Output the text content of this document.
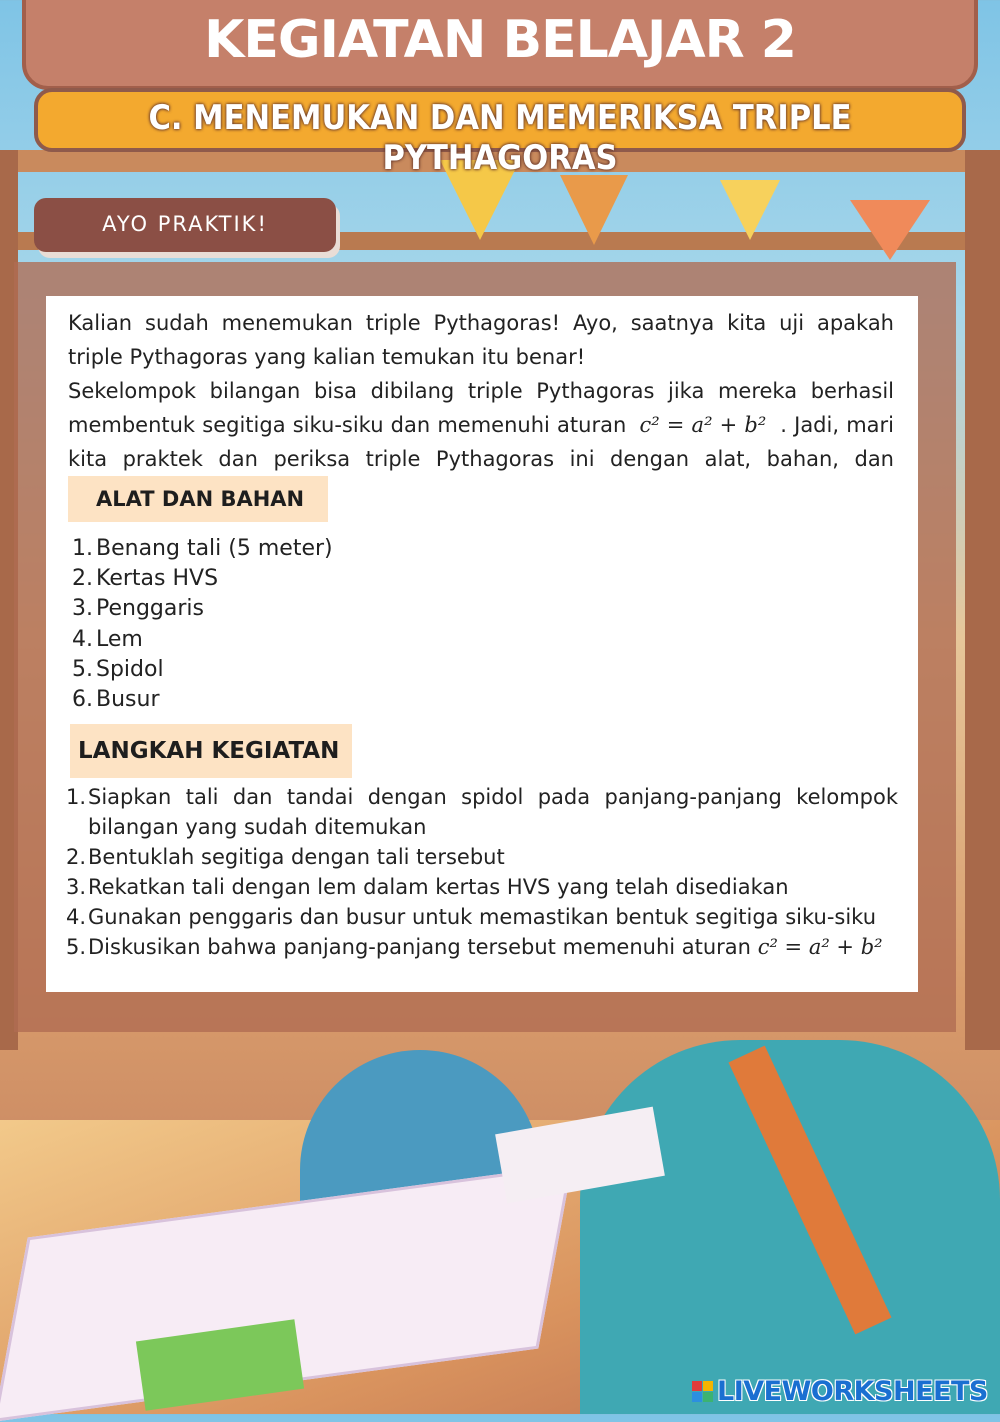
KEGIATAN BELAJAR 2
C. MENEMUKAN DAN MEMERIKSA TRIPLE PYTHAGORAS
AYO PRAKTIK!
Kalian sudah menemukan triple Pythagoras! Ayo, saatnya kita uji apakah triple Pythagoras yang kalian temukan itu benar!
Sekelompok bilangan bisa dibilang triple Pythagoras jika mereka berhasil membentuk segitiga siku-siku dan memenuhi aturan c² = a² + b² . Jadi, mari kita praktek dan periksa triple Pythagoras ini dengan alat, bahan, dan
ALAT DAN BAHAN
1. Benang tali (5 meter)
2. Kertas HVS
3. Penggaris
4. Lem
5. Spidol
6. Busur
LANGKAH KEGIATAN
1. Siapkan tali dan tandai dengan spidol pada panjang-panjang kelompok bilangan yang sudah ditemukan
2. Bentuklah segitiga dengan tali tersebut
3. Rekatkan tali dengan lem dalam kertas HVS yang telah disediakan
4. Gunakan penggaris dan busur untuk memastikan bentuk segitiga siku-siku
5. Diskusikan bahwa panjang-panjang tersebut memenuhi aturan c² = a² + b²
LIVEWORKSHEETS
